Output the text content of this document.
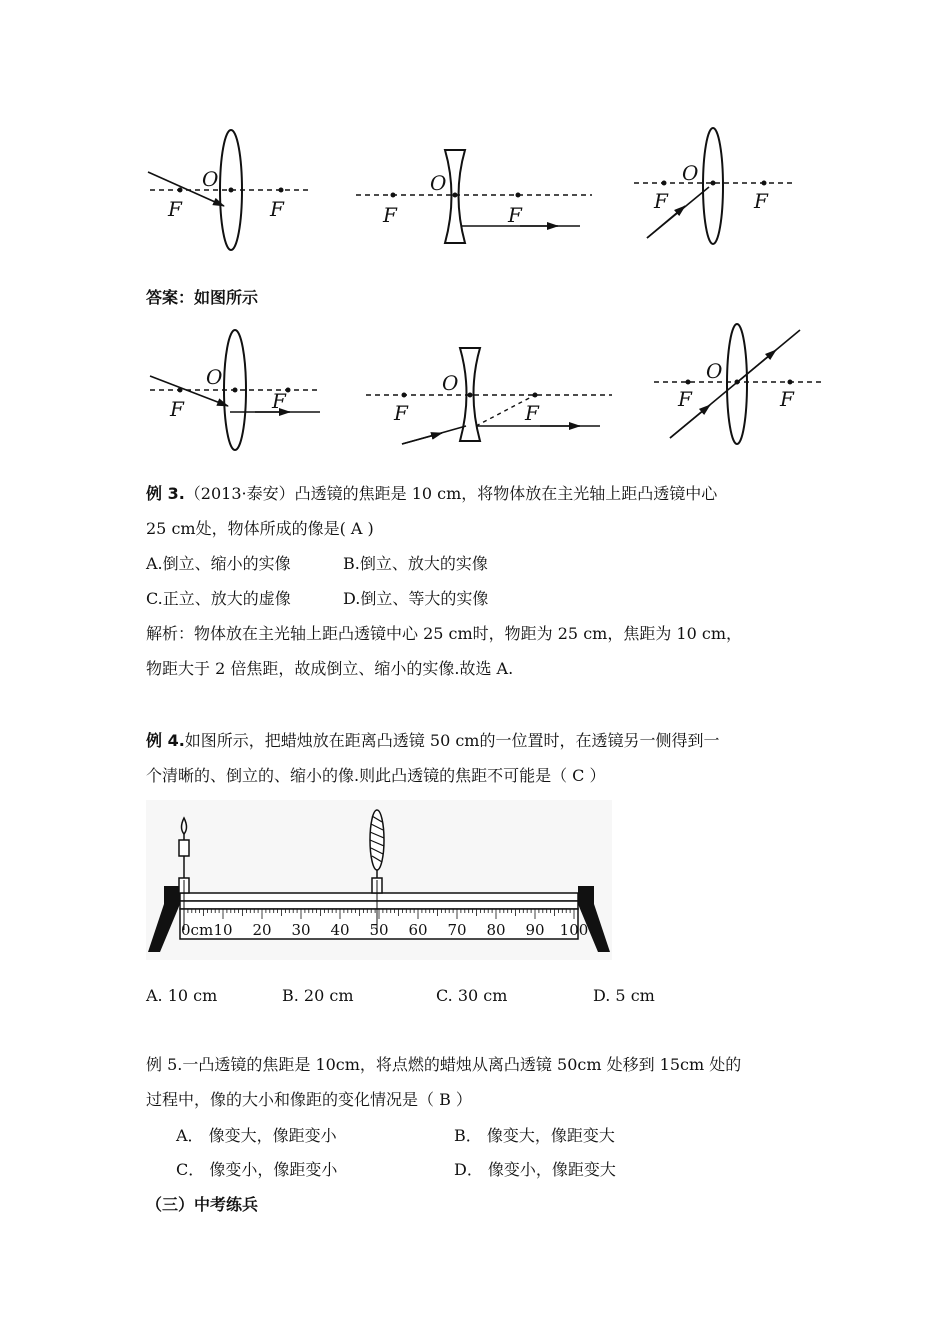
F	F
O
F	F
O
F	F
O
答案：如图所示
F	F
O
F	F
O
F	F
O
例 3.（2013·泰安）凸透镜的焦距是 10 cm，将物体放在主光轴上距凸透镜中心
25 cm处，物体所成的像是( A )
A.倒立、缩小的实像	B.倒立、放大的实像
C.正立、放大的虚像	D.倒立、等大的实像
解析：物体放在主光轴上距凸透镜中心 25 cm时，物距为 25 cm，焦距为 10 cm，
物距大于 2 倍焦距，故成倒立、缩小的实像.故选 A.
例 4.如图所示，把蜡烛放在距离凸透镜 50 cm的一位置时，在透镜另一侧得到一
个清晰的、倒立的、缩小的像.则此凸透镜的焦距不可能是（ C ）
0cm 10 20 30 40 50 60 70 80 90 100
A. 10 cm	B. 20 cm	C. 30 cm	D. 5 cm
例 5.一凸透镜的焦距是 10cm，将点燃的蜡烛从离凸透镜 50cm 处移到 15cm 处的
过程中，像的大小和像距的变化情况是（ B ）
A． 像变大，像距变小	B． 像变大，像距变大
C． 像变小，像距变小	D． 像变小，像距变大
（三）中考练兵
